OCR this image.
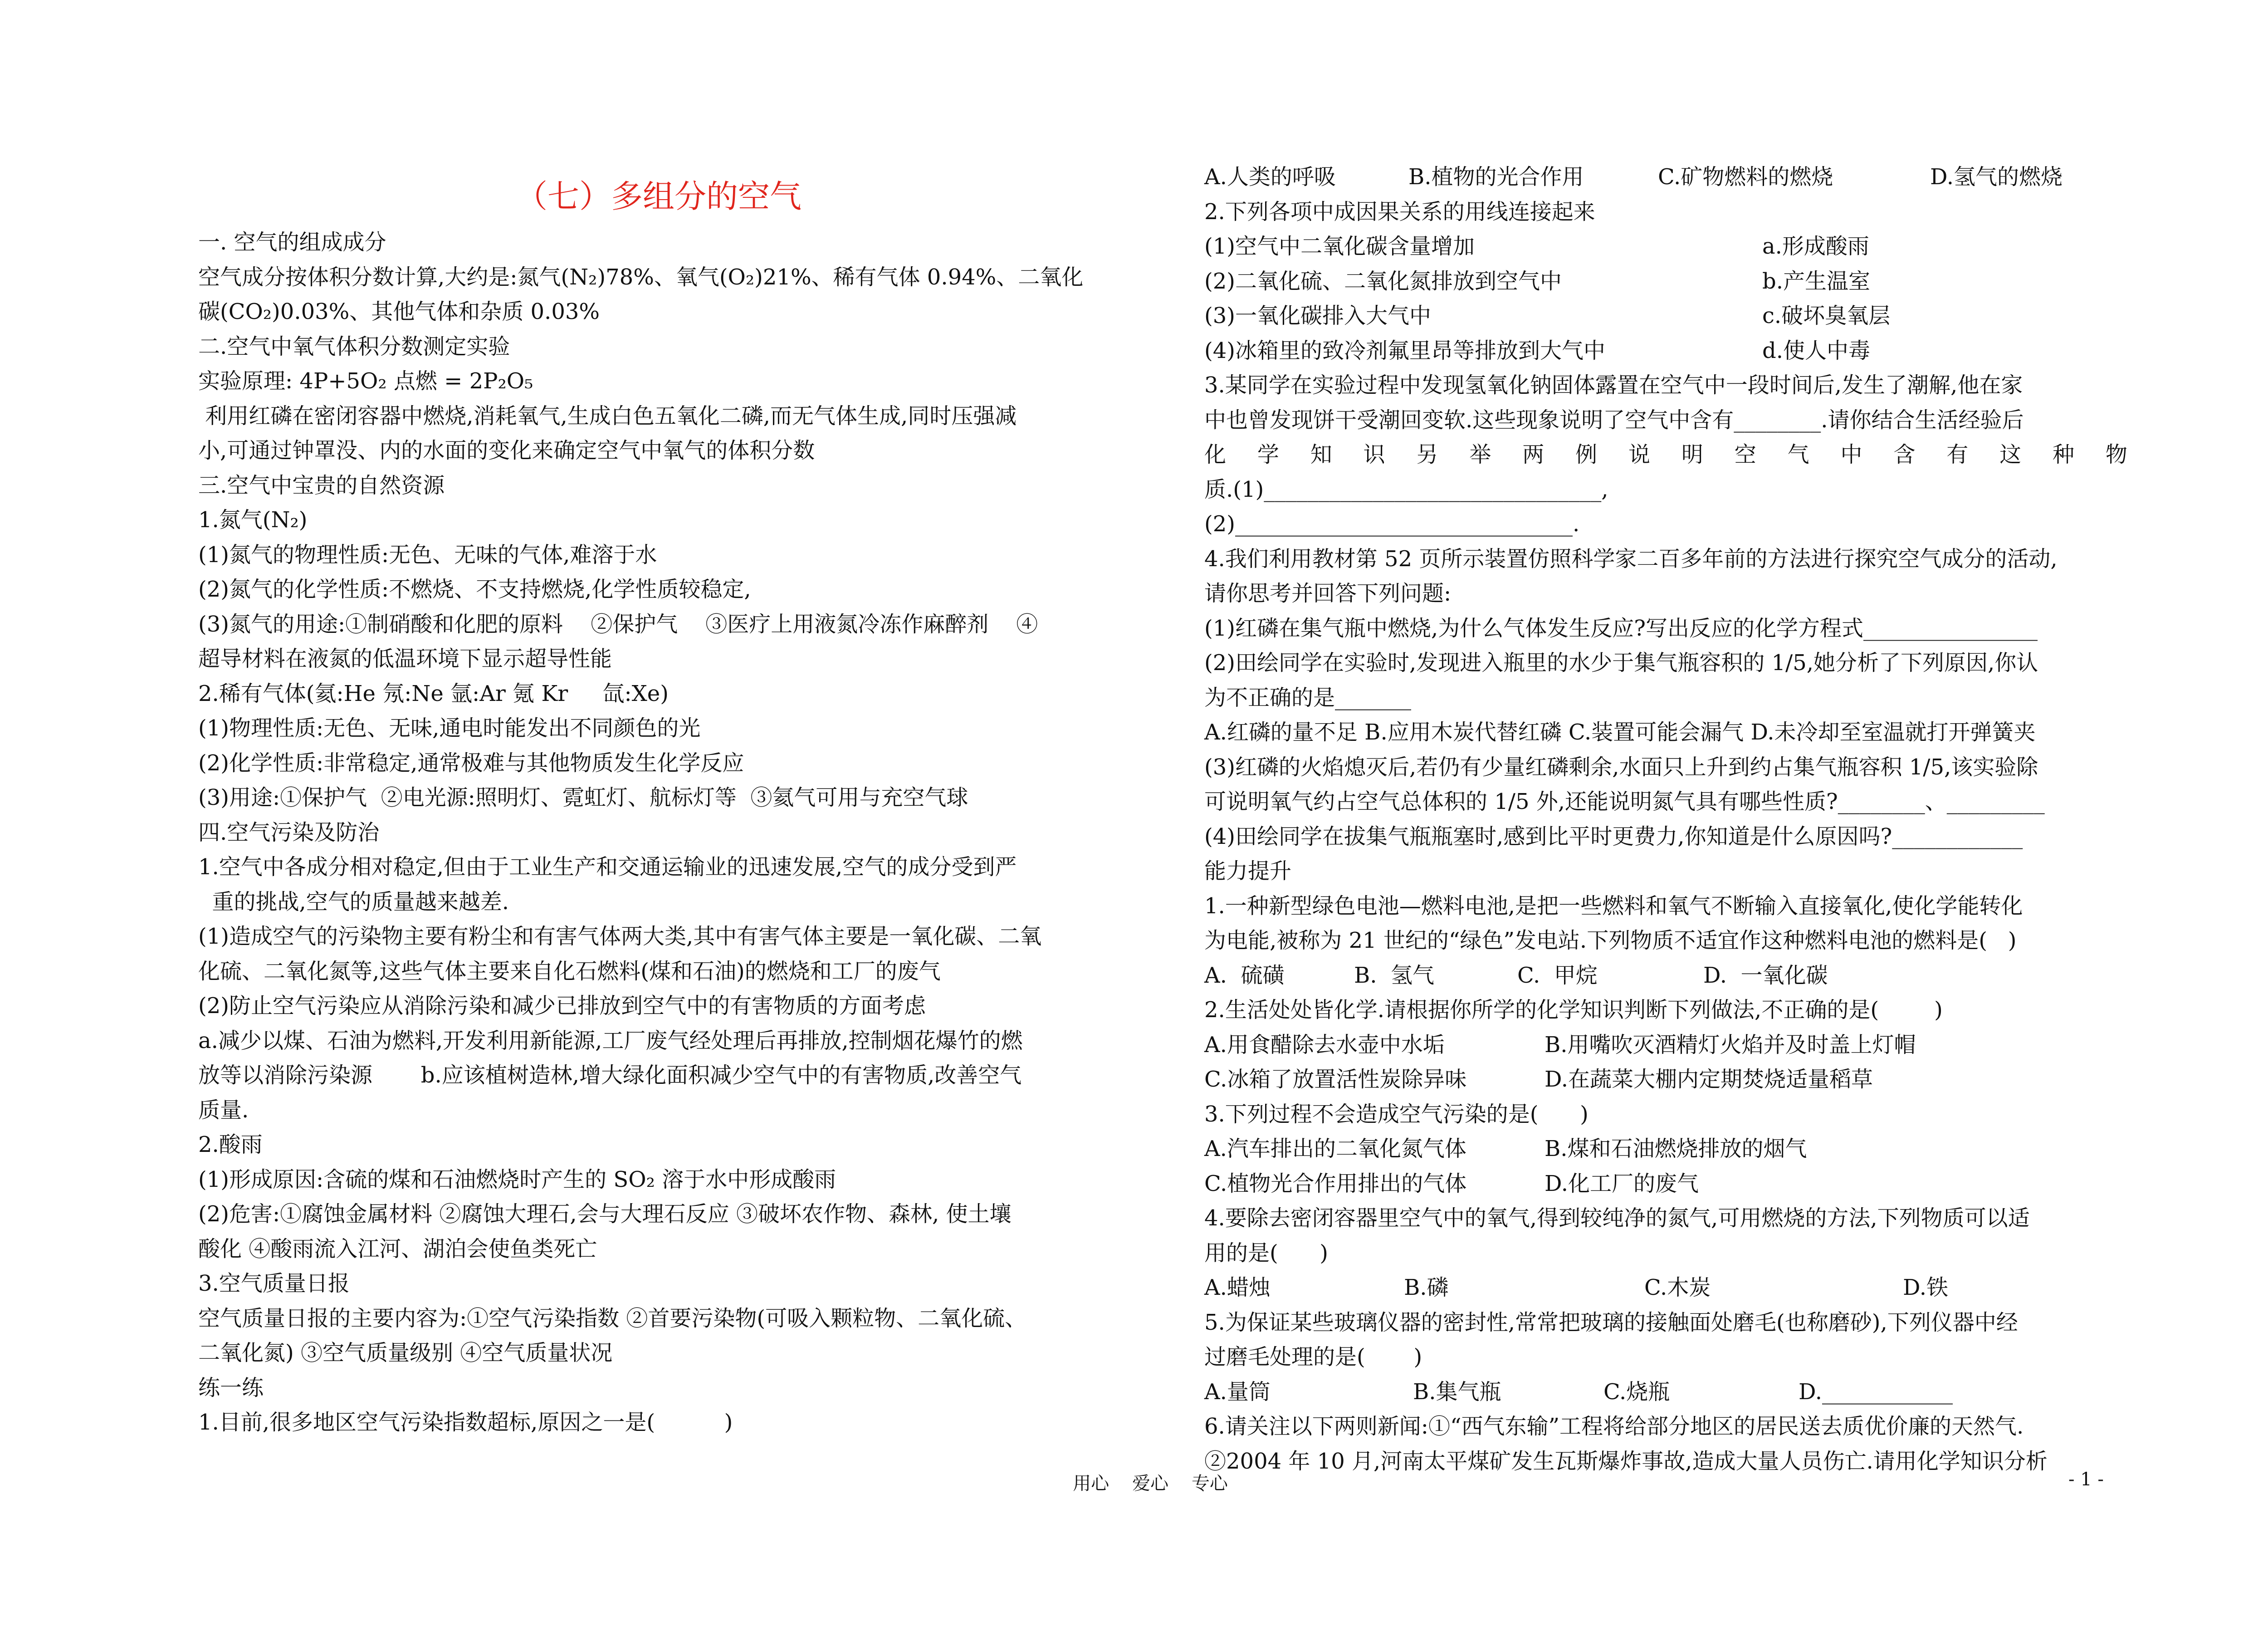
（七）多组分的空气
一. 空气的组成成分
空气成分按体积分数计算,大约是:氮气(N₂)78%、氧气(O₂)21%、稀有气体 0.94%、二氧化
碳(CO₂)0.03%、其他气体和杂质 0.03%
二.空气中氧气体积分数测定实验
实验原理: 4P+5O₂ 点燃 = 2P₂O₅
利用红磷在密闭容器中燃烧,消耗氧气,生成白色五氧化二磷,而无气体生成,同时压强减
小,可通过钟罩没、内的水面的变化来确定空气中氧气的体积分数
三.空气中宝贵的自然资源
1.氮气(N₂)
(1)氮气的物理性质:无色、无味的气体,难溶于水
(2)氮气的化学性质:不燃烧、不支持燃烧,化学性质较稳定,
(3)氮气的用途:①制硝酸和化肥的原料    ②保护气    ③医疗上用液氮冷冻作麻醉剂    ④
超导材料在液氮的低温环境下显示超导性能
2.稀有气体(氦:He 氖:Ne 氩:Ar 氪 Kr     氙:Xe)
(1)物理性质:无色、无味,通电时能发出不同颜色的光
(2)化学性质:非常稳定,通常极难与其他物质发生化学反应
(3)用途:①保护气  ②电光源:照明灯、霓虹灯、航标灯等  ③氦气可用与充空气球
四.空气污染及防治
1.空气中各成分相对稳定,但由于工业生产和交通运输业的迅速发展,空气的成分受到严
重的挑战,空气的质量越来越差.
(1)造成空气的污染物主要有粉尘和有害气体两大类,其中有害气体主要是一氧化碳、二氧
化硫、二氧化氮等,这些气体主要来自化石燃料(煤和石油)的燃烧和工厂的废气
(2)防止空气污染应从消除污染和减少已排放到空气中的有害物质的方面考虑
a.减少以煤、石油为燃料,开发利用新能源,工厂废气经处理后再排放,控制烟花爆竹的燃
放等以消除污染源       b.应该植树造林,增大绿化面积减少空气中的有害物质,改善空气
质量.
2.酸雨
(1)形成原因:含硫的煤和石油燃烧时产生的 SO₂ 溶于水中形成酸雨
(2)危害:①腐蚀金属材料 ②腐蚀大理石,会与大理石反应 ③破坏农作物、森林, 使土壤
酸化 ④酸雨流入江河、湖泊会使鱼类死亡
3.空气质量日报
空气质量日报的主要内容为:①空气污染指数 ②首要污染物(可吸入颗粒物、二氧化硫、
二氧化氮) ③空气质量级别 ④空气质量状况
练一练
1.目前,很多地区空气污染指数超标,原因之一是(          )
A.人类的呼吸	B.植物的光合作用	C.矿物燃料的燃烧	D.氢气的燃烧
2.下列各项中成因果关系的用线连接起来
(1)空气中二氧化碳含量增加	a.形成酸雨
(2)二氧化硫、二氧化氮排放到空气中	b.产生温室
(3)一氧化碳排入大气中	c.破坏臭氧层
(4)冰箱里的致冷剂氟里昂等排放到大气中	d.使人中毒
3.某同学在实验过程中发现氢氧化钠固体露置在空气中一段时间后,发生了潮解,他在家
中也曾发现饼干受潮回变软.这些现象说明了空气中含有________.请你结合生活经验后
化 学 知 识 另 举 两 例 说 明 空 气 中 含 有 这 种 物
质.(1)_______________________________,
(2)_______________________________.
4.我们利用教材第 52 页所示装置仿照科学家二百多年前的方法进行探究空气成分的活动,
请你思考并回答下列问题:
(1)红磷在集气瓶中燃烧,为什么气体发生反应?写出反应的化学方程式________________
(2)田绘同学在实验时,发现进入瓶里的水少于集气瓶容积的 1/5,她分析了下列原因,你认
为不正确的是_______
A.红磷的量不足 B.应用木炭代替红磷 C.装置可能会漏气 D.未冷却至室温就打开弹簧夹
(3)红磷的火焰熄灭后,若仍有少量红磷剩余,水面只上升到约占集气瓶容积 1/5,该实验除
可说明氧气约占空气总体积的 1/5 外,还能说明氮气具有哪些性质?________、_________
(4)田绘同学在拔集气瓶瓶塞时,感到比平时更费力,你知道是什么原因吗?____________
能力提升
1.一种新型绿色电池—燃料电池,是把一些燃料和氧气不断输入直接氧化,使化学能转化
为电能,被称为 21 世纪的“绿色”发电站.下列物质不适宜作这种燃料电池的燃料是(   )
A.  硫磺	B.  氢气	C.  甲烷	D.  一氧化碳
2.生活处处皆化学.请根据你所学的化学知识判断下列做法,不正确的是(        )
A.用食醋除去水壶中水垢	B.用嘴吹灭酒精灯火焰并及时盖上灯帽
C.冰箱了放置活性炭除异味	D.在蔬菜大棚内定期焚烧适量稻草
3.下列过程不会造成空气污染的是(      )
A.汽车排出的二氧化氮气体	B.煤和石油燃烧排放的烟气
C.植物光合作用排出的气体	D.化工厂的废气
4.要除去密闭容器里空气中的氧气,得到较纯净的氮气,可用燃烧的方法,下列物质可以适
用的是(      )
A.蜡烛	B.磷	C.木炭	D.铁
5.为保证某些玻璃仪器的密封性,常常把玻璃的接触面处磨毛(也称磨砂),下列仪器中经
过磨毛处理的是(       )
A.量筒	B.集气瓶	C.烧瓶	D.____________
6.请关注以下两则新闻:①“西气东输”工程将给部分地区的居民送去质优价廉的天然气.
②2004 年 10 月,河南太平煤矿发生瓦斯爆炸事故,造成大量人员伤亡.请用化学知识分析
用心    爱心    专心	- 1 -
